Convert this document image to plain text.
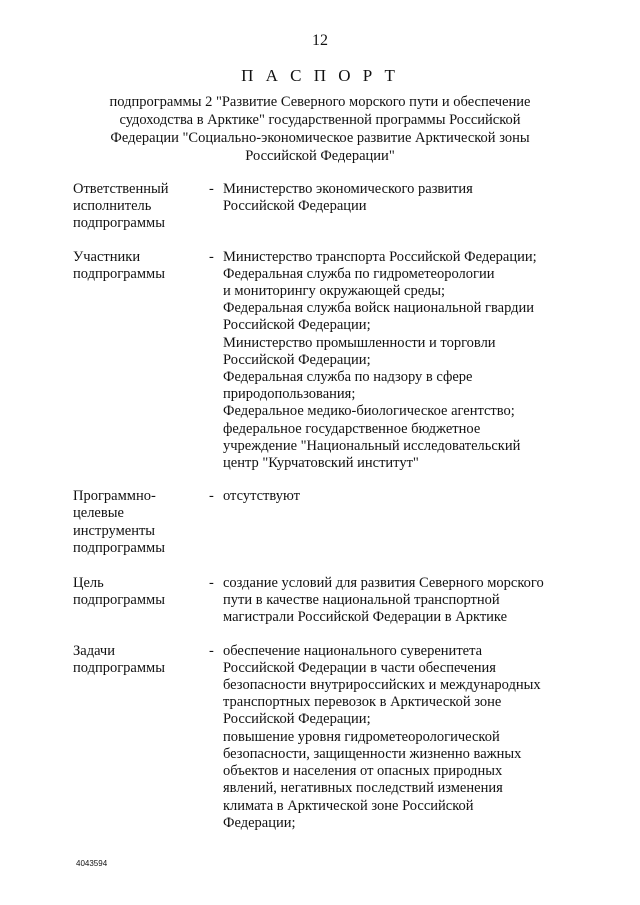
12
П А С П О Р Т
подпрограммы 2 "Развитие Северного морского пути и обеспечение
судоходства в Арктике" государственной программы Российской
Федерации "Социально-экономическое развитие Арктической зоны
Российской Федерации"
Ответственный
исполнитель
подпрограммы
- Министерство экономического развития
Российской Федерации
Участники
подпрограммы
- Министерство транспорта Российской Федерации;
Федеральная служба по гидрометеорологии
и мониторингу окружающей среды;
Федеральная служба войск национальной гвардии
Российской Федерации;
Министерство промышленности и торговли
Российской Федерации;
Федеральная служба по надзору в сфере
природопользования;
Федеральное медико-биологическое агентство;
федеральное государственное бюджетное
учреждение "Национальный исследовательский
центр "Курчатовский институт"
Программно-
целевые
инструменты
подпрограммы
- отсутствуют
Цель
подпрограммы
- создание условий для развития Северного морского
пути в качестве национальной транспортной
магистрали Российской Федерации в Арктике
Задачи
подпрограммы
- обеспечение национального суверенитета
Российской Федерации в части обеспечения
безопасности внутрироссийских и международных
транспортных перевозок в Арктической зоне
Российской Федерации;
повышение уровня гидрометеорологической
безопасности, защищенности жизненно важных
объектов и населения от опасных природных
явлений, негативных последствий изменения
климата в Арктической зоне Российской
Федерации;
4043594
